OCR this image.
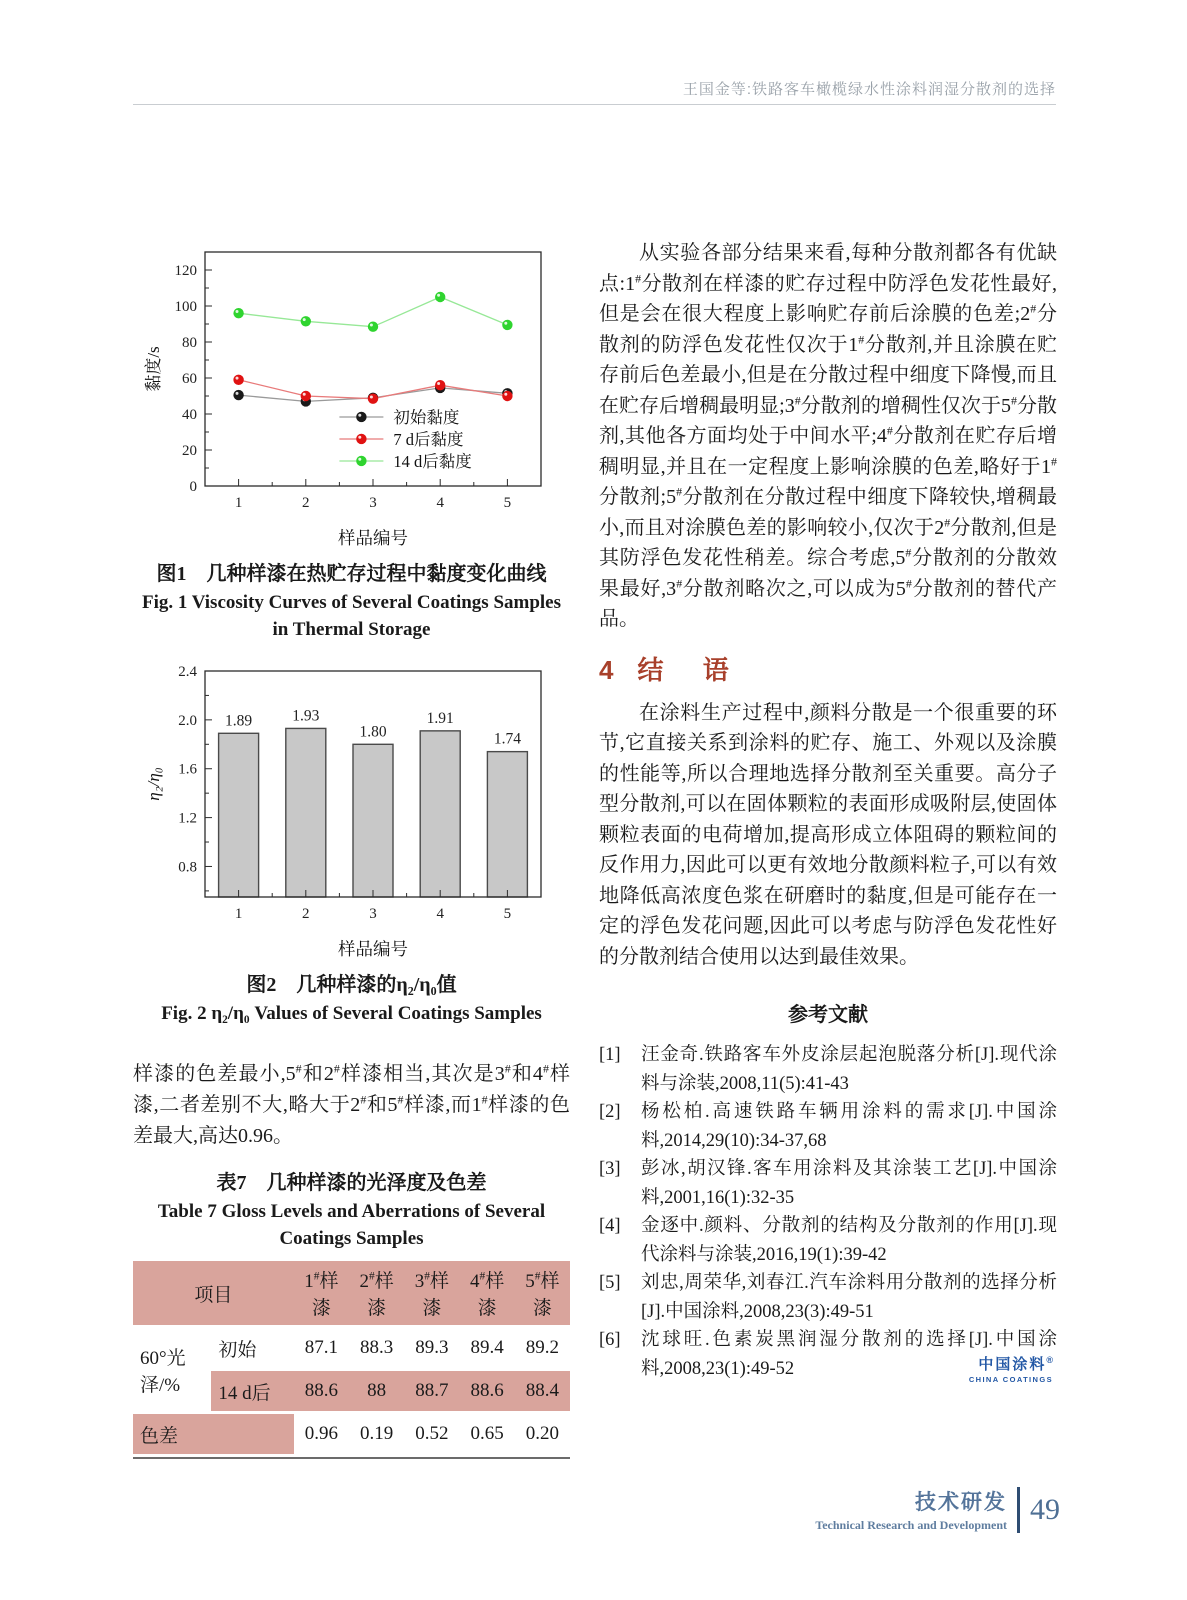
王国金等:铁路客车橄榄绿水性涂料润湿分散剂的选择
0
20
40
60
80
100
120
1	2	3	4	5
初始黏度
7 d后黏度
14 d后黏度
黏度/s
样品编号
图1　几种样漆在热贮存过程中黏度变化曲线
Fig. 1 Viscosity Curves of Several Coatings Samples in Thermal Storage
1.89	1.93
1.80
1.91
1.74
0.8
1.2
1.6
2.0
2.4
1	2	3	4	5
η₂/η₀
样品编号
图2　几种样漆的η₂/η₀值
Fig. 2 η₂/η₀ Values of Several Coatings Samples

样漆的色差最小,5#和2#样漆相当,其次是3#和4#样漆,二者差别不大,略大于2#和5#样漆,而1#样漆的色差最大,高达0.96。

表7　几种样漆的光泽度及色差
Table 7 Gloss Levels and Aberrations of Several Coatings Samples
项目		1#样漆	2#样漆	3#样漆	4#样漆	5#样漆
60°光泽/%	初始	87.1	88.3	89.3	89.4	89.2
	14 d后	88.6	88	88.7	88.6	88.4
色差		0.96	0.19	0.52	0.65	0.20

从实验各部分结果来看,每种分散剂都各有优缺点:1#分散剂在样漆的贮存过程中防浮色发花性最好,但是会在很大程度上影响贮存前后涂膜的色差;2#分散剂的防浮色发花性仅次于1#分散剂,并且涂膜在贮存前后色差最小,但是在分散过程中细度下降慢,而且在贮存后增稠最明显;3#分散剂的增稠性仅次于5#分散剂,其他各方面均处于中间水平;4#分散剂在贮存后增稠明显,并且在一定程度上影响涂膜的色差,略好于1#分散剂;5#分散剂在分散过程中细度下降较快,增稠最小,而且对涂膜色差的影响较小,仅次于2#分散剂,但是其防浮色发花性稍差。综合考虑,5#分散剂的分散效果最好,3#分散剂略次之,可以成为5#分散剂的替代产品。

4 结 语

在涂料生产过程中,颜料分散是一个很重要的环节,它直接关系到涂料的贮存、施工、外观以及涂膜的性能等,所以合理地选择分散剂至关重要。高分子型分散剂,可以在固体颗粒的表面形成吸附层,使固体颗粒表面的电荷增加,提高形成立体阻碍的颗粒间的反作用力,因此可以更有效地分散颜料粒子,可以有效地降低高浓度色浆在研磨时的黏度,但是可能存在一定的浮色发花问题,因此可以考虑与防浮色发花性好的分散剂结合使用以达到最佳效果。

参考文献
[1]	汪金奇.铁路客车外皮涂层起泡脱落分析[J].现代涂料与涂装,2008,11(5):41-43
[2]	杨松柏.高速铁路车辆用涂料的需求[J].中国涂料,2014,29(10):34-37,68
[3]	彭冰,胡汉锋.客车用涂料及其涂装工艺[J].中国涂料,2001,16(1):32-35
[4]	金逐中.颜料、分散剂的结构及分散剂的作用[J].现代涂料与涂装,2016,19(1):39-42
[5]	刘忠,周荣华,刘春江.汽车涂料用分散剂的选择分析[J].中国涂料,2008,23(3):49-51
[6]	沈球旺.色素炭黑润湿分散剂的选择[J].中国涂料,2008,23(1):49-52	中国涂料®
CHINA COATINGS
技术研发
Technical Research and Development 49
